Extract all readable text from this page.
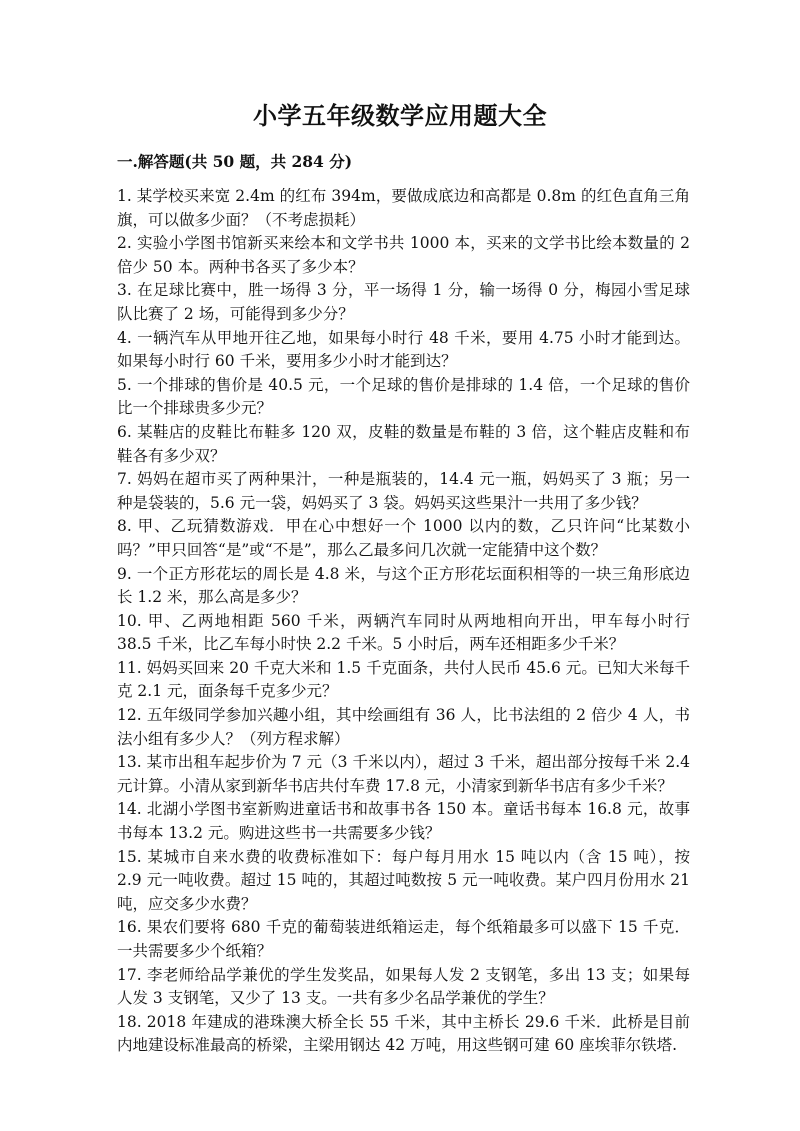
小学五年级数学应用题大全
一.解答题(共 50 题，共 284 分)

1. 某学校买来宽 2.4m 的红布 394m，要做成底边和高都是 0.8m 的红色直角三角旗，可以做多少面？（不考虑损耗）

2. 实验小学图书馆新买来绘本和文学书共 1000 本，买来的文学书比绘本数量的 2 倍少 50 本。两种书各买了多少本？

3. 在足球比赛中，胜一场得 3 分，平一场得 1 分，输一场得 0 分，梅园小雪足球队比赛了 2 场，可能得到多少分？

4. 一辆汽车从甲地开往乙地，如果每小时行 48 千米，要用 4.75 小时才能到达。如果每小时行 60 千米，要用多少小时才能到达？

5. 一个排球的售价是 40.5 元，一个足球的售价是排球的 1.4 倍，一个足球的售价比一个排球贵多少元？

6. 某鞋店的皮鞋比布鞋多 120 双，皮鞋的数量是布鞋的 3 倍，这个鞋店皮鞋和布鞋各有多少双？

7. 妈妈在超市买了两种果汁，一种是瓶装的，14.4 元一瓶，妈妈买了 3 瓶；另一种是袋装的，5.6 元一袋，妈妈买了 3 袋。妈妈买这些果汁一共用了多少钱？

8. 甲、乙玩猜数游戏．甲在心中想好一个 1000 以内的数，乙只许问“比某数小吗？”甲只回答“是”或“不是”，那么乙最多问几次就一定能猜中这个数？

9. 一个正方形花坛的周长是 4.8 米，与这个正方形花坛面积相等的一块三角形底边长 1.2 米，那么高是多少？

10. 甲、乙两地相距 560 千米，两辆汽车同时从两地相向开出，甲车每小时行 38.5 千米，比乙车每小时快 2.2 千米。5 小时后，两车还相距多少千米？

11. 妈妈买回来 20 千克大米和 1.5 千克面条，共付人民币 45.6 元。已知大米每千克 2.1 元，面条每千克多少元？

12. 五年级同学参加兴趣小组，其中绘画组有 36 人，比书法组的 2 倍少 4 人，书法小组有多少人？（列方程求解）

13. 某市出租车起步价为 7 元（3 千米以内），超过 3 千米，超出部分按每千米 2.4 元计算。小清从家到新华书店共付车费 17.8 元，小清家到新华书店有多少千米？

14. 北湖小学图书室新购进童话书和故事书各 150 本。童话书每本 16.8 元，故事书每本 13.2 元。购进这些书一共需要多少钱？

15. 某城市自来水费的收费标准如下：每户每月用水 15 吨以内（含 15 吨），按 2.9 元一吨收费。超过 15 吨的，其超过吨数按 5 元一吨收费。某户四月份用水 21 吨，应交多少水费？

16. 果农们要将 680 千克的葡萄装进纸箱运走，每个纸箱最多可以盛下 15 千克．一共需要多少个纸箱？

17. 李老师给品学兼优的学生发奖品，如果每人发 2 支钢笔，多出 13 支；如果每人发 3 支钢笔，又少了 13 支。一共有多少名品学兼优的学生？

18. 2018 年建成的港珠澳大桥全长 55 千米，其中主桥长 29.6 千米．此桥是目前内地建设标准最高的桥梁，主梁用钢达 42 万吨，用这些钢可建 60 座埃菲尔铁塔.
